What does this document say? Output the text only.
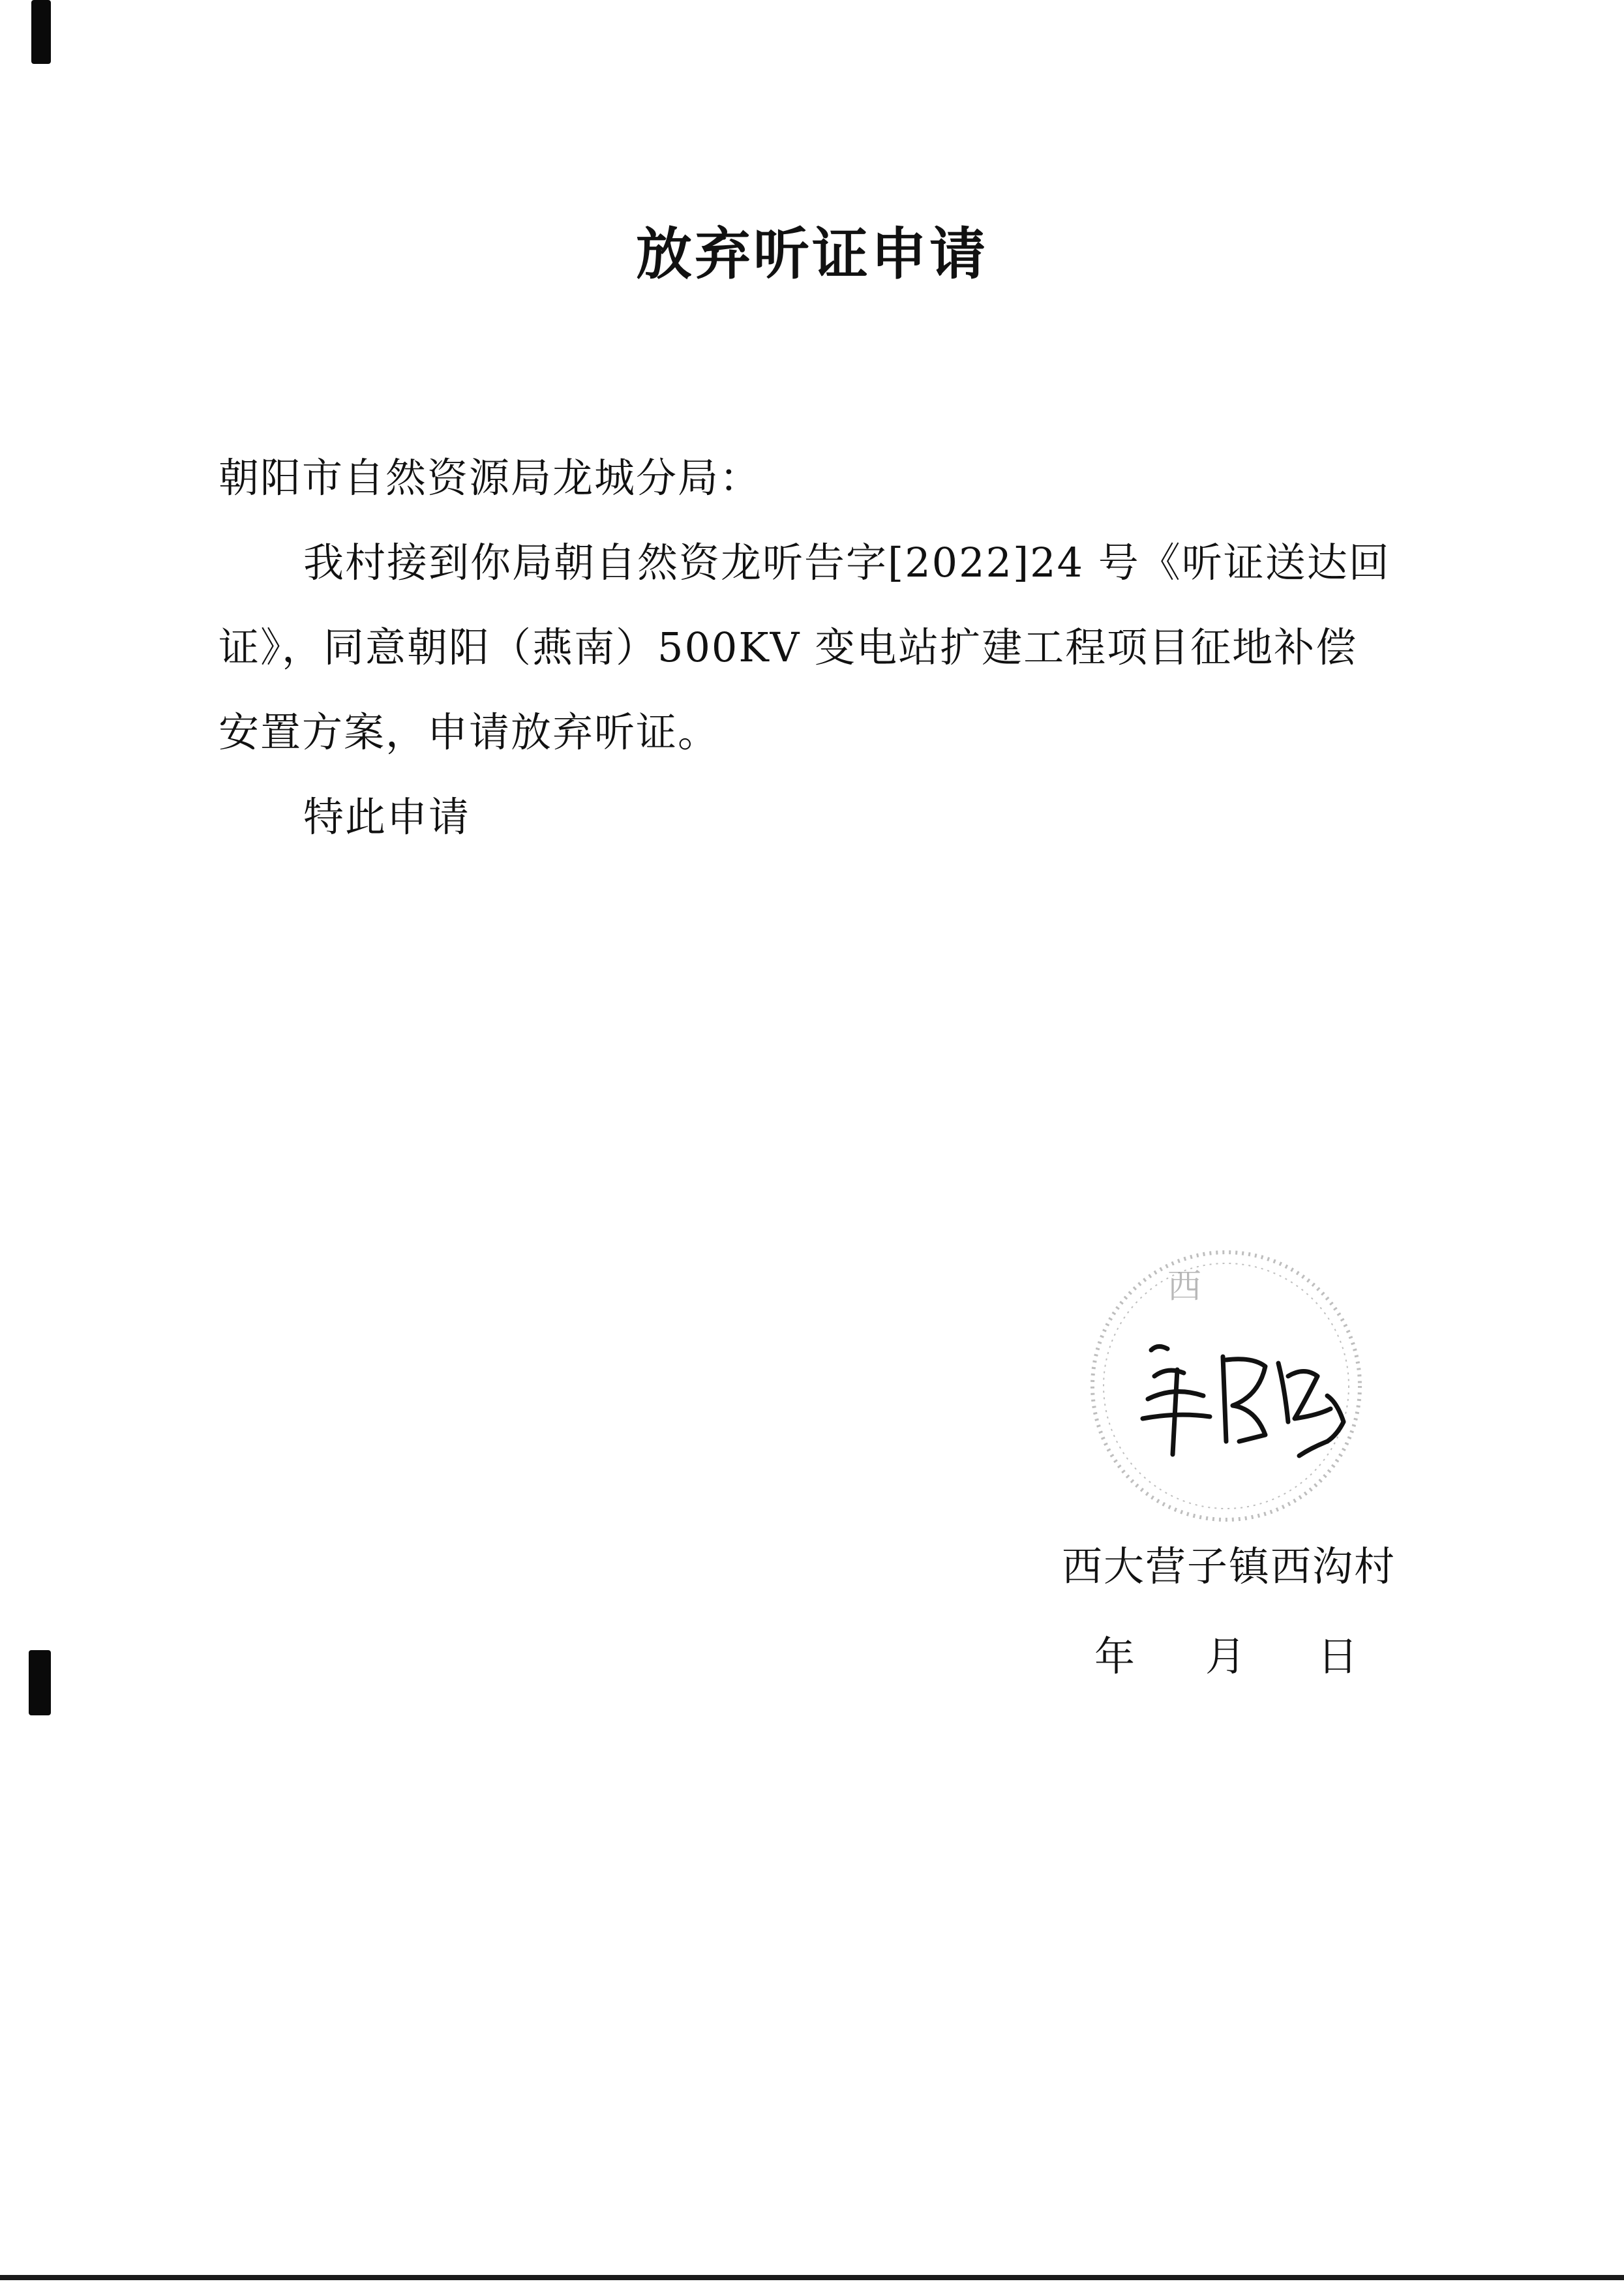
放弃听证申请
朝阳市自然资源局龙城分局：
我村接到你局朝自然资龙听告字[2022]24 号《听证送达回证》，同意朝阳（燕南）500KV 变电站扩建工程项目征地补偿安置方案，申请放弃听证。
特此申请
西
西大营子镇西沟村
年 月 日
